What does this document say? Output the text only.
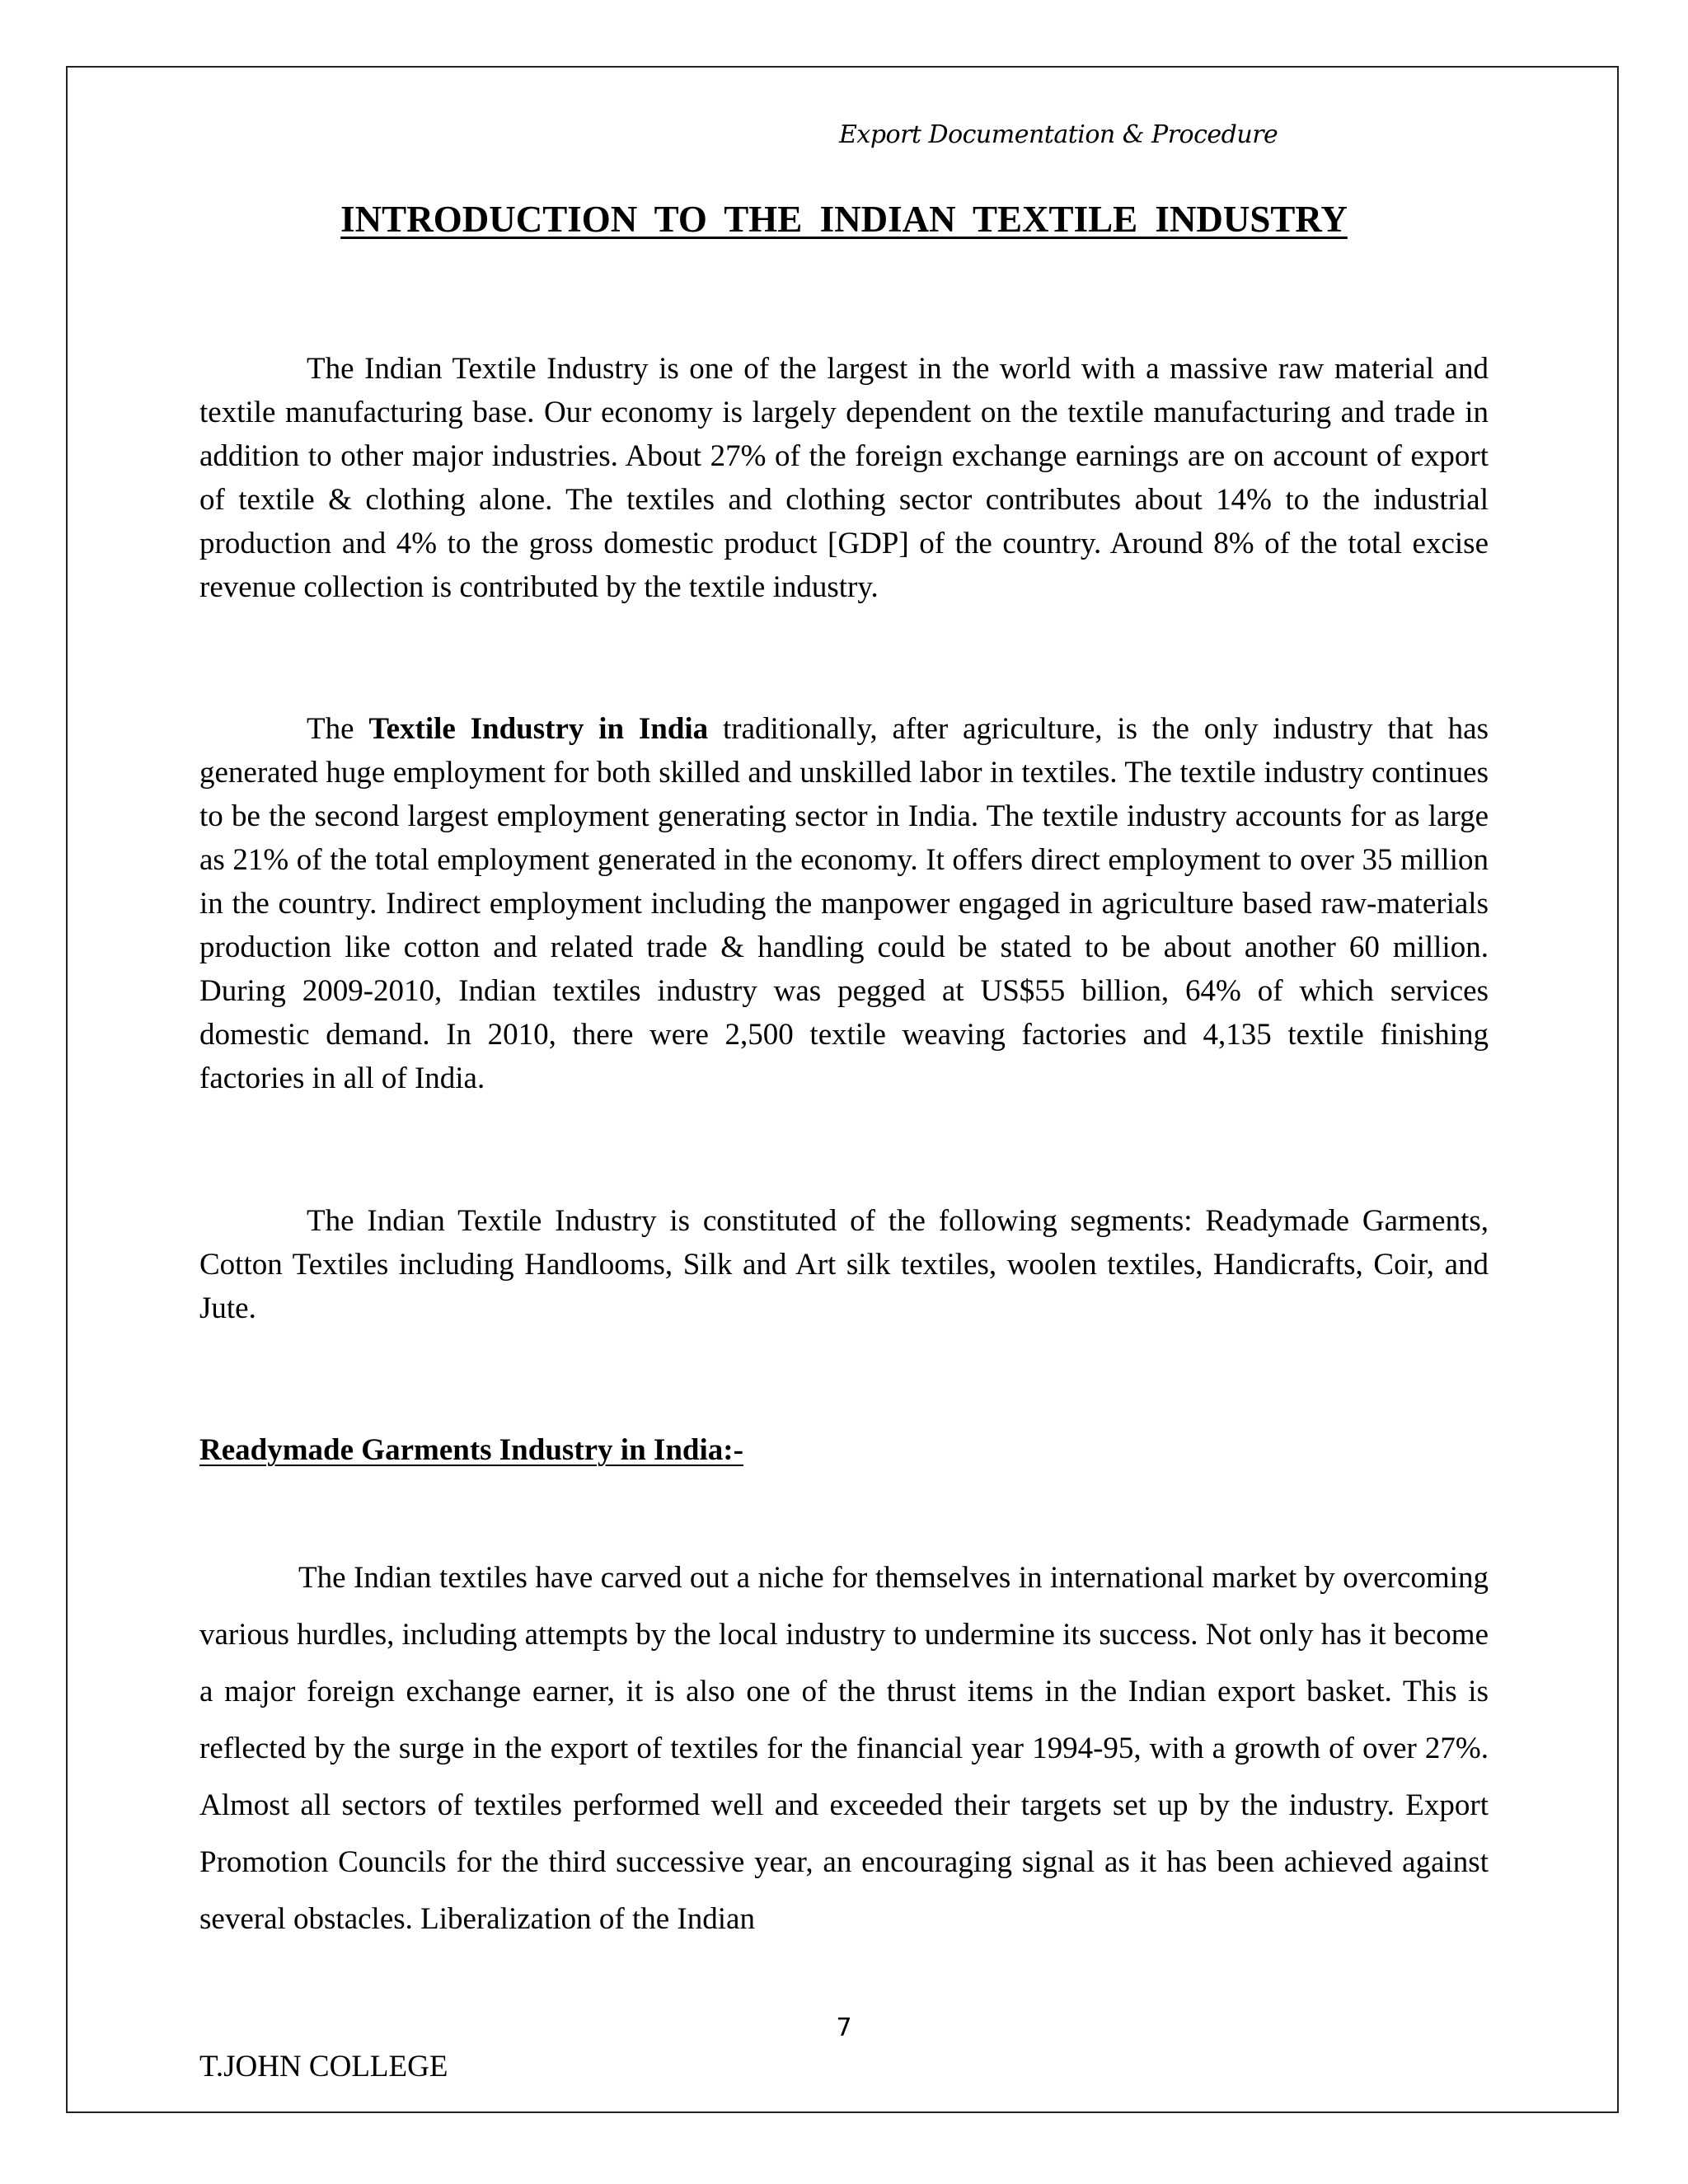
Export Documentation & Procedure
INTRODUCTION TO THE INDIAN TEXTILE INDUSTRY

The Indian Textile Industry is one of the largest in the world with a massive raw material and textile manufacturing base. Our economy is largely dependent on the textile manufacturing and trade in addition to other major industries. About 27% of the foreign exchange earnings are on account of export of textile & clothing alone. The textiles and clothing sector contributes about 14% to the industrial production and 4% to the gross domestic product [GDP] of the country. Around 8% of the total excise revenue collection is contributed by the textile industry.

The Textile Industry in India traditionally, after agriculture, is the only industry that has generated huge employment for both skilled and unskilled labor in textiles. The textile industry continues to be the second largest employment generating sector in India. The textile industry accounts for as large as 21% of the total employment generated in the economy. It offers direct employment to over 35 million in the country. Indirect employment including the manpower engaged in agriculture based raw-materials production like cotton and related trade & handling could be stated to be about another 60 million. During 2009-2010, Indian textiles industry was pegged at US$55 billion, 64% of which services domestic demand. In 2010, there were 2,500 textile weaving factories and 4,135 textile finishing factories in all of India.

The Indian Textile Industry is constituted of the following segments: Readymade Garments, Cotton Textiles including Handlooms, Silk and Art silk textiles, woolen textiles, Handicrafts, Coir, and Jute.

Readymade Garments Industry in India:-

The Indian textiles have carved out a niche for themselves in international market by overcoming various hurdles, including attempts by the local industry to undermine its success. Not only has it become a major foreign exchange earner, it is also one of the thrust items in the Indian export basket. This is reflected by the surge in the export of textiles for the financial year 1994-95, with a growth of over 27%. Almost all sectors of textiles performed well and exceeded their targets set up by the industry. Export Promotion Councils for the third successive year, an encouraging signal as it has been achieved against several obstacles. Liberalization of the Indian

7
T.JOHN COLLEGE
